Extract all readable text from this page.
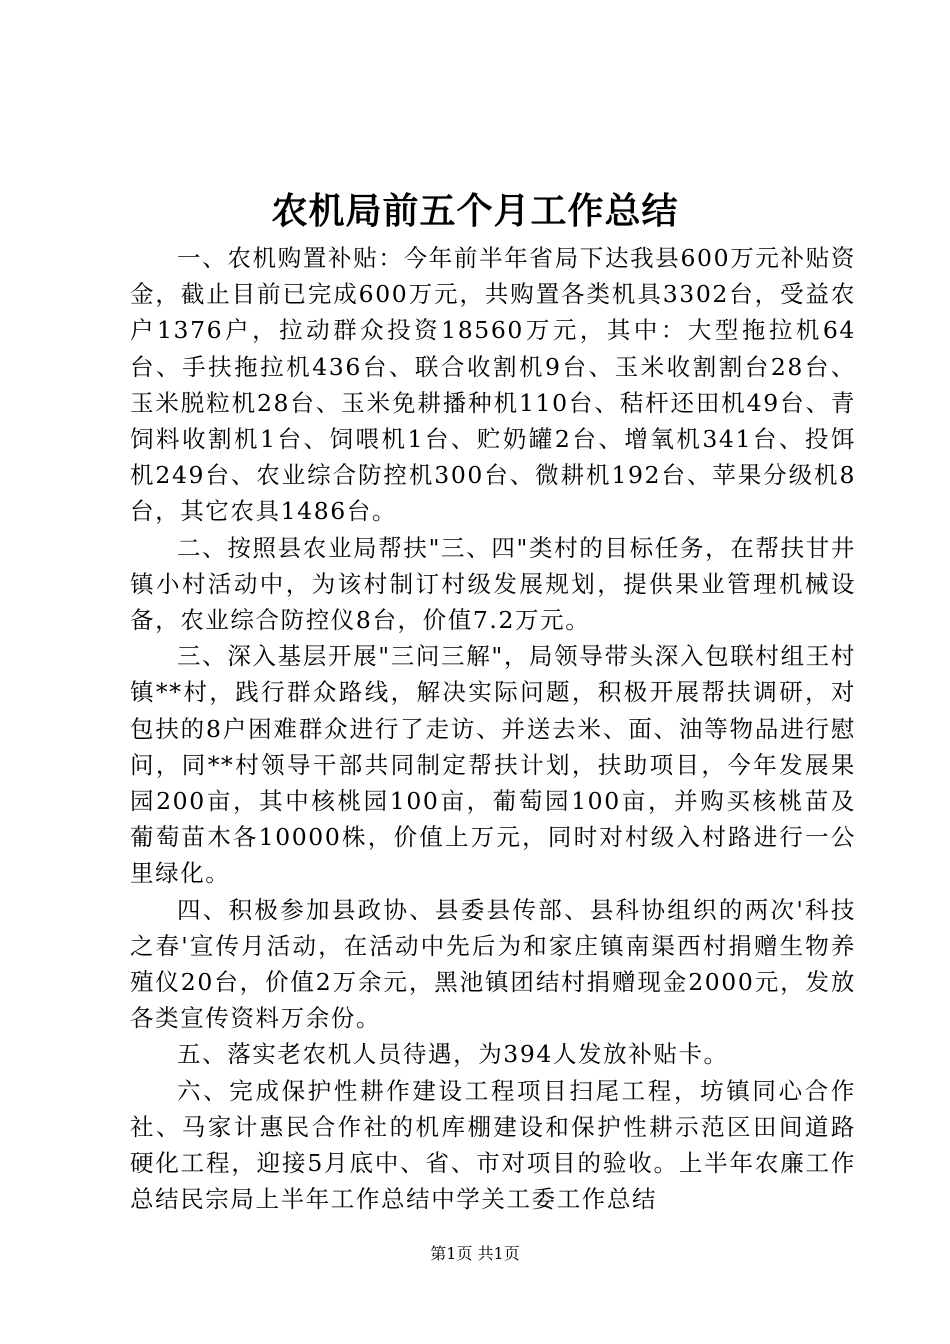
农机局前五个月工作总结

一、农机购置补贴：今年前半年省局下达我县600万元补贴资金，截止目前已完成600万元，共购置各类机具3302台，受益农户1376户，拉动群众投资18560万元，其中：大型拖拉机64台、手扶拖拉机436台、联合收割机9台、玉米收割割台28台、玉米脱粒机28台、玉米免耕播种机110台、秸杆还田机49台、青饲料收割机1台、饲喂机1台、贮奶罐2台、增氧机341台、投饵机249台、农业综合防控机300台、微耕机192台、苹果分级机8台，其它农具1486台。

二、按照县农业局帮扶"三、四"类村的目标任务，在帮扶甘井镇小村活动中，为该村制订村级发展规划，提供果业管理机械设备，农业综合防控仪8台，价值7.2万元。

三、深入基层开展"三问三解"，局领导带头深入包联村组王村镇**村，践行群众路线，解决实际问题，积极开展帮扶调研，对包扶的8户困难群众进行了走访、并送去米、面、油等物品进行慰问，同**村领导干部共同制定帮扶计划，扶助项目，今年发展果园200亩，其中核桃园100亩，葡萄园100亩，并购买核桃苗及葡萄苗木各10000株，价值上万元，同时对村级入村路进行一公里绿化。

四、积极参加县政协、县委县传部、县科协组织的两次'科技之春'宣传月活动，在活动中先后为和家庄镇南渠西村捐赠生物养殖仪20台，价值2万余元，黑池镇团结村捐赠现金2000元，发放各类宣传资料万余份。

五、落实老农机人员待遇，为394人发放补贴卡。

六、完成保护性耕作建设工程项目扫尾工程，坊镇同心合作社、马家计惠民合作社的机库棚建设和保护性耕示范区田间道路硬化工程，迎接5月底中、省、市对项目的验收。上半年农廉工作总结民宗局上半年工作总结中学关工委工作总结

第1页 共1页
